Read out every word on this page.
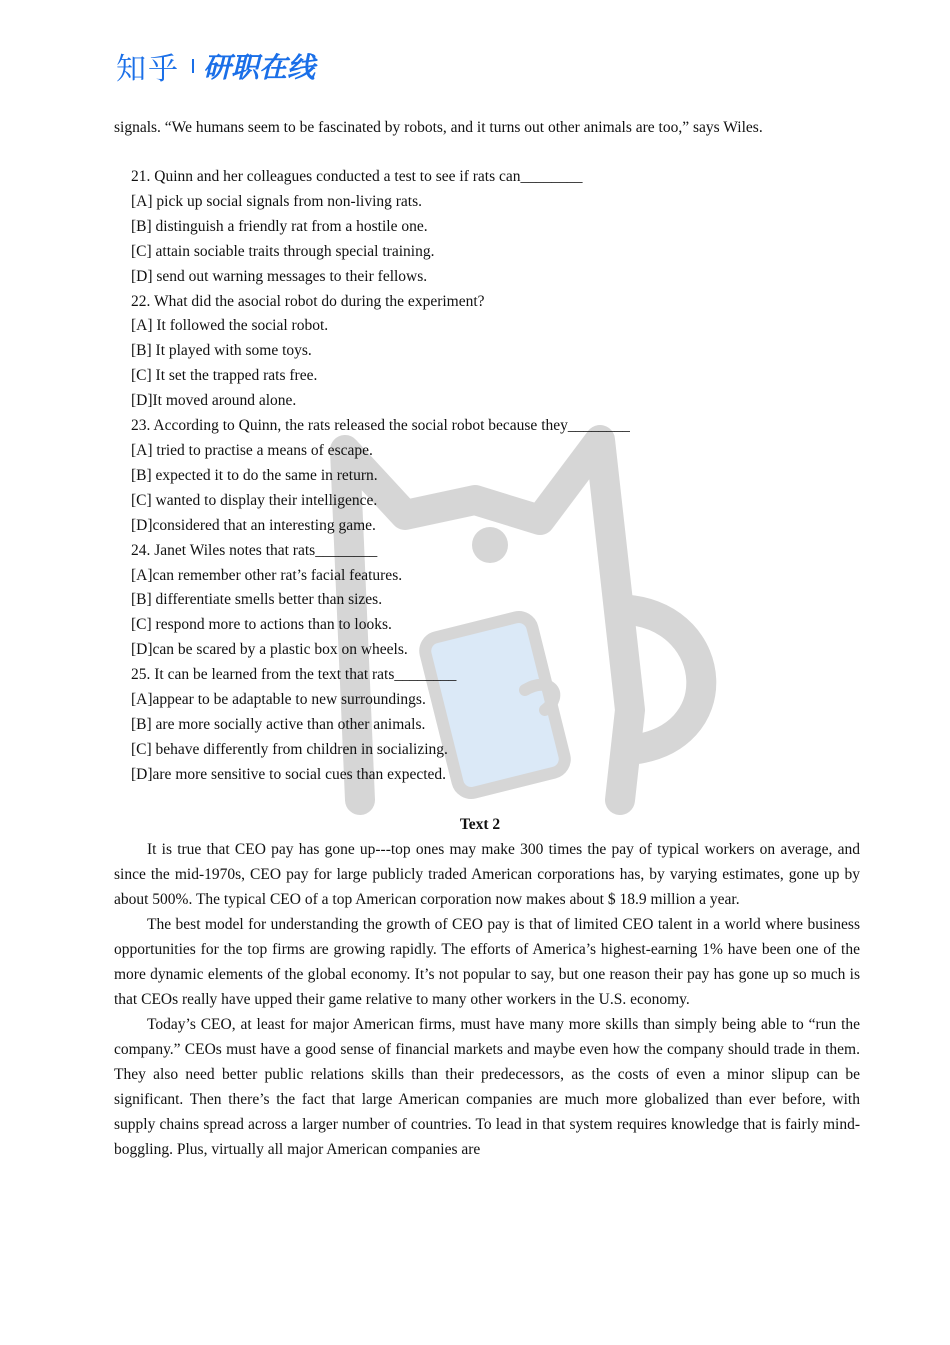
知乎 研职在线
signals. “We humans seem to be fascinated by robots, and it turns out other animals are too,” says Wiles.
21. Quinn and her colleagues conducted a test to see if rats can________
[A] pick up social signals from non-living rats.
[B] distinguish a friendly rat from a hostile one.
[C] attain sociable traits through special training.
[D] send out warning messages to their fellows.
22. What did the asocial robot do during the experiment?
[A] It followed the social robot.
[B] It played with some toys.
[C] It set the trapped rats free.
[D]It moved around alone.
23. According to Quinn, the rats released the social robot because they________
[A] tried to practise a means of escape.
[B] expected it to do the same in return.
[C] wanted to display their intelligence.
[D]considered that an interesting game.
24. Janet Wiles notes that rats________
[A]can remember other rat’s facial features.
[B] differentiate smells better than sizes.
[C] respond more to actions than to looks.
[D]can be scared by a plastic box on wheels.
25. It can be learned from the text that rats________
[A]appear to be adaptable to new surroundings.
[B] are more socially active than other animals.
[C] behave differently from children in socializing.
[D]are more sensitive to social cues than expected.
Text 2

It is true that CEO pay has gone up---top ones may make 300 times the pay of typical workers on average, and since the mid-1970s, CEO pay for large publicly traded American corporations has, by varying estimates, gone up by about 500%. The typical CEO of a top American corporation now makes about $ 18.9 million a year.

The best model for understanding the growth of CEO pay is that of limited CEO talent in a world where business opportunities for the top firms are growing rapidly. The efforts of America’s highest-earning 1% have been one of the more dynamic elements of the global economy. It’s not popular to say, but one reason their pay has gone up so much is that CEOs really have upped their game relative to many other workers in the U.S. economy.

Today’s CEO, at least for major American firms, must have many more skills than simply being able to “run the company.” CEOs must have a good sense of financial markets and maybe even how the company should trade in them. They also need better public relations skills than their predecessors, as the costs of even a minor slipup can be significant. Then there’s the fact that large American companies are much more globalized than ever before, with supply chains spread across a larger number of countries. To lead in that system requires knowledge that is fairly mind-boggling. Plus, virtually all major American companies are
